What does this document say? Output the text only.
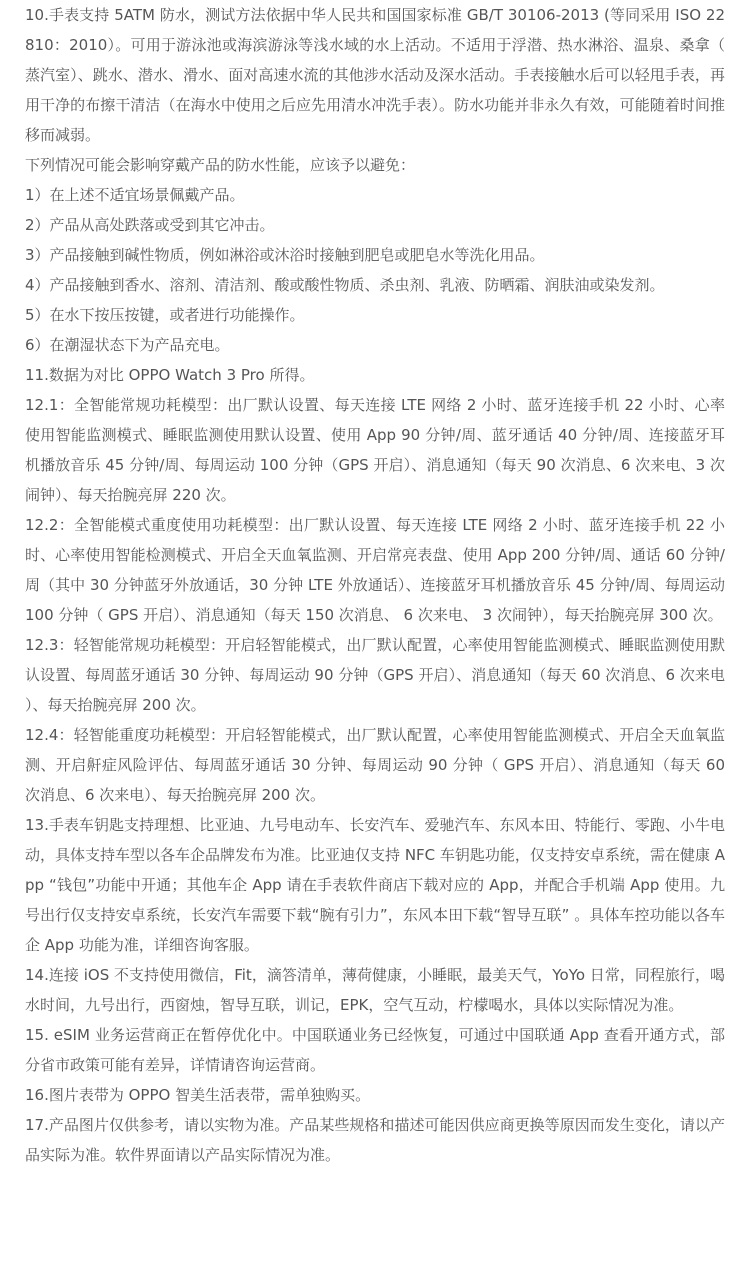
10.手表支持 5ATM 防水，测试方法依据中华人民共和国国家标准 GB/T 30106-2013 (等同采用 ISO 22810：2010）。可用于游泳池或海滨游泳等浅水域的水上活动。不适用于浮潜、热水淋浴、温泉、桑拿（蒸汽室）、跳水、潜水、滑水、面对高速水流的其他涉水活动及深水活动。手表接触水后可以轻甩手表，再用干净的布擦干清洁（在海水中使用之后应先用清水冲洗手表）。防水功能并非永久有效，可能随着时间推移而减弱。

下列情况可能会影响穿戴产品的防水性能，应该予以避免：

1）在上述不适宜场景佩戴产品。

2）产品从高处跌落或受到其它冲击。

3）产品接触到碱性物质，例如淋浴或沐浴时接触到肥皂或肥皂水等洗化用品。

4）产品接触到香水、溶剂、清洁剂、酸或酸性物质、杀虫剂、乳液、防晒霜、润肤油或染发剂。

5）在水下按压按键，或者进行功能操作。

6）在潮湿状态下为产品充电。

11.数据为对比 OPPO Watch 3 Pro 所得。

12.1：全智能常规功耗模型：出厂默认设置、每天连接 LTE 网络 2 小时、蓝牙连接手机 22 小时、心率使用智能监测模式、睡眠监测使用默认设置、使用 App 90 分钟/周、蓝牙通话 40 分钟/周、连接蓝牙耳机播放音乐 45 分钟/周、每周运动 100 分钟（GPS 开启）、消息通知（每天 90 次消息、6 次来电、3 次闹钟）、每天抬腕亮屏 220 次。

12.2：全智能模式重度使用功耗模型：出厂默认设置、每天连接 LTE 网络 2 小时、蓝牙连接手机 22 小时、心率使用智能检测模式、开启全天血氧监测、开启常亮表盘、使用 App 200 分钟/周、通话 60 分钟/周（其中 30 分钟蓝牙外放通话，30 分钟 LTE 外放通话）、连接蓝牙耳机播放音乐 45 分钟/周、每周运动 100 分钟（ GPS 开启）、消息通知（每天 150 次消息、 6 次来电、 3 次闹钟），每天抬腕亮屏 300 次。

12.3：轻智能常规功耗模型：开启轻智能模式，出厂默认配置，心率使用智能监测模式、睡眠监测使用默认设置、每周蓝牙通话 30 分钟、每周运动 90 分钟（GPS 开启）、消息通知（每天 60 次消息、6 次来电）、每天抬腕亮屏 200 次。

12.4：轻智能重度功耗模型：开启轻智能模式，出厂默认配置，心率使用智能监测模式、开启全天血氧监测、开启鼾症风险评估、每周蓝牙通话 30 分钟、每周运动 90 分钟（ GPS 开启）、消息通知（每天 60 次消息、6 次来电）、每天抬腕亮屏 200 次。

13.手表车钥匙支持理想、比亚迪、九号电动车、长安汽车、爱驰汽车、东风本田、特能行、零跑、小牛电动，具体支持车型以各车企品牌发布为准。比亚迪仅支持 NFC 车钥匙功能，仅支持安卓系统，需在健康 App “钱包”功能中开通；其他车企 App 请在手表软件商店下载对应的 App，并配合手机端 App 使用。九号出行仅支持安卓系统，长安汽车需要下载“腕有引力”，东风本田下载“智导互联” 。具体车控功能以各车企 App 功能为准，详细咨询客服。

14.连接 iOS 不支持使用微信，Fit，滴答清单，薄荷健康，小睡眠，最美天气，YoYo 日常，同程旅行，喝水时间，九号出行，西窗烛，智导互联，训记，EPK，空气互动，柠檬喝水，具体以实际情况为准。

15. eSIM 业务运营商正在暂停优化中。中国联通业务已经恢复，可通过中国联通 App 查看开通方式，部分省市政策可能有差异，详情请咨询运营商。

16.图片表带为 OPPO 智美生活表带，需单独购买。

17.产品图片仅供参考，请以实物为准。产品某些规格和描述可能因供应商更换等原因而发生变化，请以产品实际为准。软件界面请以产品实际情况为准。
